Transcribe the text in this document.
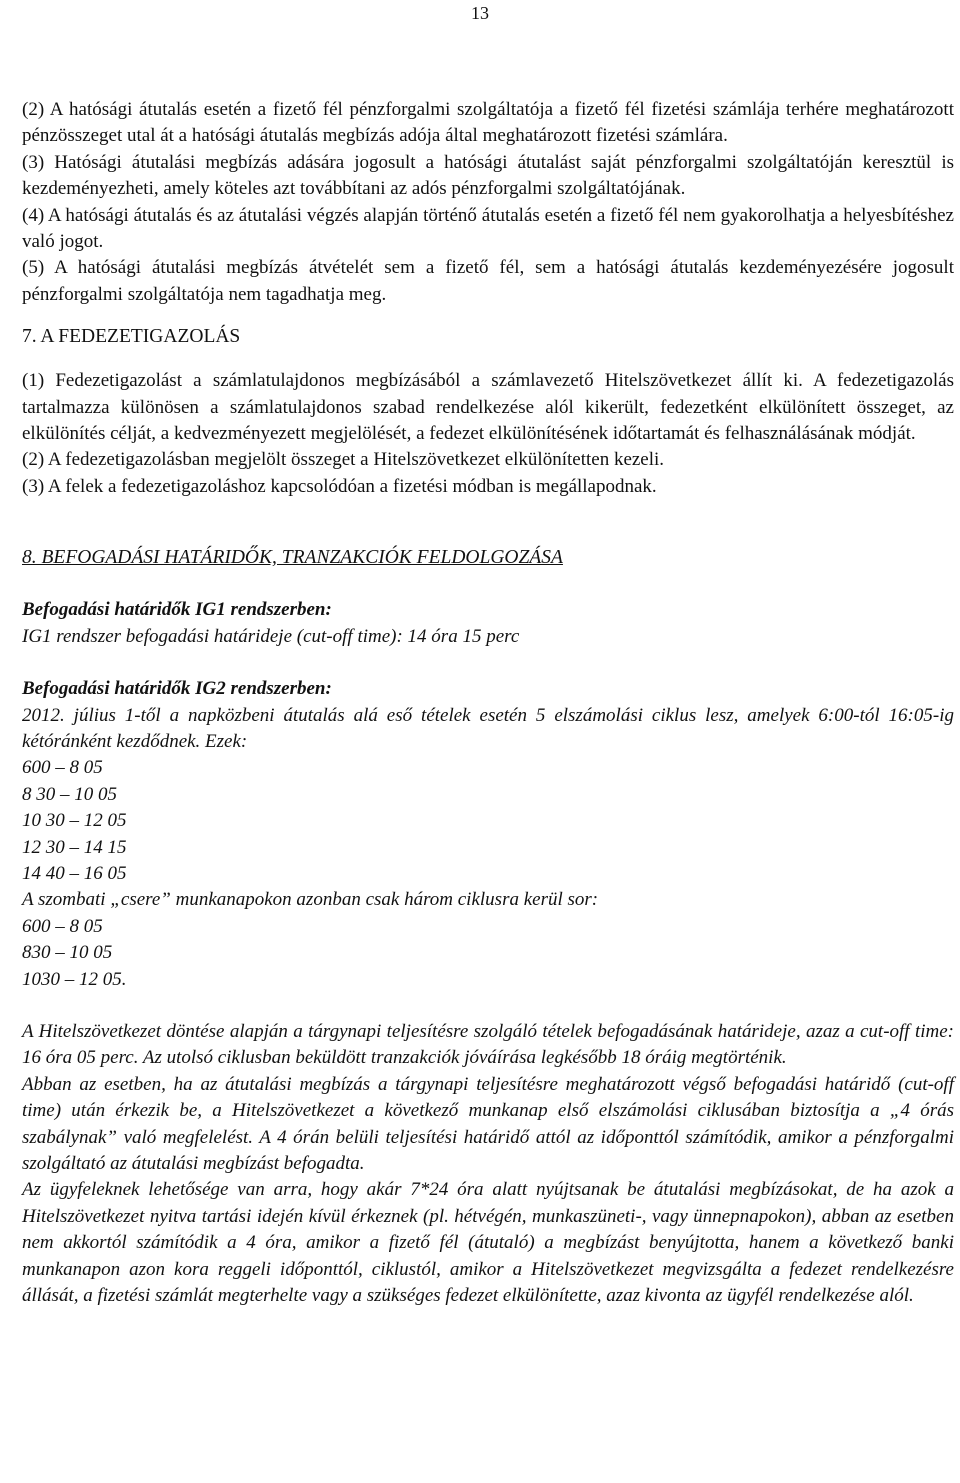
13

(2) A hatósági átutalás esetén a fizető fél pénzforgalmi szolgáltatója a fizető fél fizetési számlája terhére meghatározott pénzösszeget utal át a hatósági átutalás megbízás adója által meghatározott fizetési számlára.

(3) Hatósági átutalási megbízás adására jogosult a hatósági átutalást saját pénzforgalmi szolgáltatóján keresztül is kezdeményezheti, amely köteles azt továbbítani az adós pénzforgalmi szolgáltatójának.

(4) A hatósági átutalás és az átutalási végzés alapján történő átutalás esetén a fizető fél nem gyakorolhatja a helyesbítéshez való jogot.

(5) A hatósági átutalási megbízás átvételét sem a fizető fél, sem a hatósági átutalás kezdeményezésére jogosult pénzforgalmi szolgáltatója nem tagadhatja meg.

7. A FEDEZETIGAZOLÁS

(1) Fedezetigazolást a számlatulajdonos megbízásából a számlavezető Hitelszövetkezet állít ki. A fedezetigazolás tartalmazza különösen a számlatulajdonos szabad rendelkezése alól kikerült, fedezetként elkülönített összeget, az elkülönítés célját, a kedvezményezett megjelölését, a fedezet elkülönítésének időtartamát és felhasználásának módját.

(2) A fedezetigazolásban megjelölt összeget a Hitelszövetkezet elkülönítetten kezeli.

(3) A felek a fedezetigazoláshoz kapcsolódóan a fizetési módban is megállapodnak.

8. BEFOGADÁSI HATÁRIDŐK, TRANZAKCIÓK FELDOLGOZÁSA

Befogadási határidők IG1 rendszerben:

IG1 rendszer befogadási határideje (cut-off time): 14 óra 15 perc

Befogadási határidők IG2 rendszerben:

2012. július 1-től a napközbeni átutalás alá eső tételek esetén 5 elszámolási ciklus lesz, amelyek 6:00-tól 16:05-ig kétóránként kezdődnek. Ezek:

600 – 8 05

8 30 – 10 05

10 30 – 12 05

12 30 – 14 15

14 40 – 16 05

A szombati „csere” munkanapokon azonban csak három ciklusra kerül sor:

600 – 8 05

830 – 10 05

1030 – 12 05.

A Hitelszövetkezet döntése alapján a tárgynapi teljesítésre szolgáló tételek befogadásának határideje, azaz a cut-off time: 16 óra 05 perc. Az utolsó ciklusban beküldött tranzakciók jóváírása legkésőbb 18 óráig megtörténik.

Abban az esetben, ha az átutalási megbízás a tárgynapi teljesítésre meghatározott végső befogadási határidő (cut-off time) után érkezik be, a Hitelszövetkezet a következő munkanap első elszámolási ciklusában biztosítja a „4 órás szabálynak” való megfelelést. A 4 órán belüli teljesítési határidő attól az időponttól számítódik, amikor a pénzforgalmi szolgáltató az átutalási megbízást befogadta.

Az ügyfeleknek lehetősége van arra, hogy akár 7*24 óra alatt nyújtsanak be átutalási megbízásokat, de ha azok a Hitelszövetkezet nyitva tartási idején kívül érkeznek (pl. hétvégén, munkaszüneti-, vagy ünnepnapokon), abban az esetben nem akkortól számítódik a 4 óra, amikor a fizető fél (átutaló) a megbízást benyújtotta, hanem a következő banki munkanapon azon kora reggeli időponttól, ciklustól, amikor a Hitelszövetkezet megvizsgálta a fedezet rendelkezésre állását, a fizetési számlát megterhelte vagy a szükséges fedezet elkülönítette, azaz kivonta az ügyfél rendelkezése alól.
